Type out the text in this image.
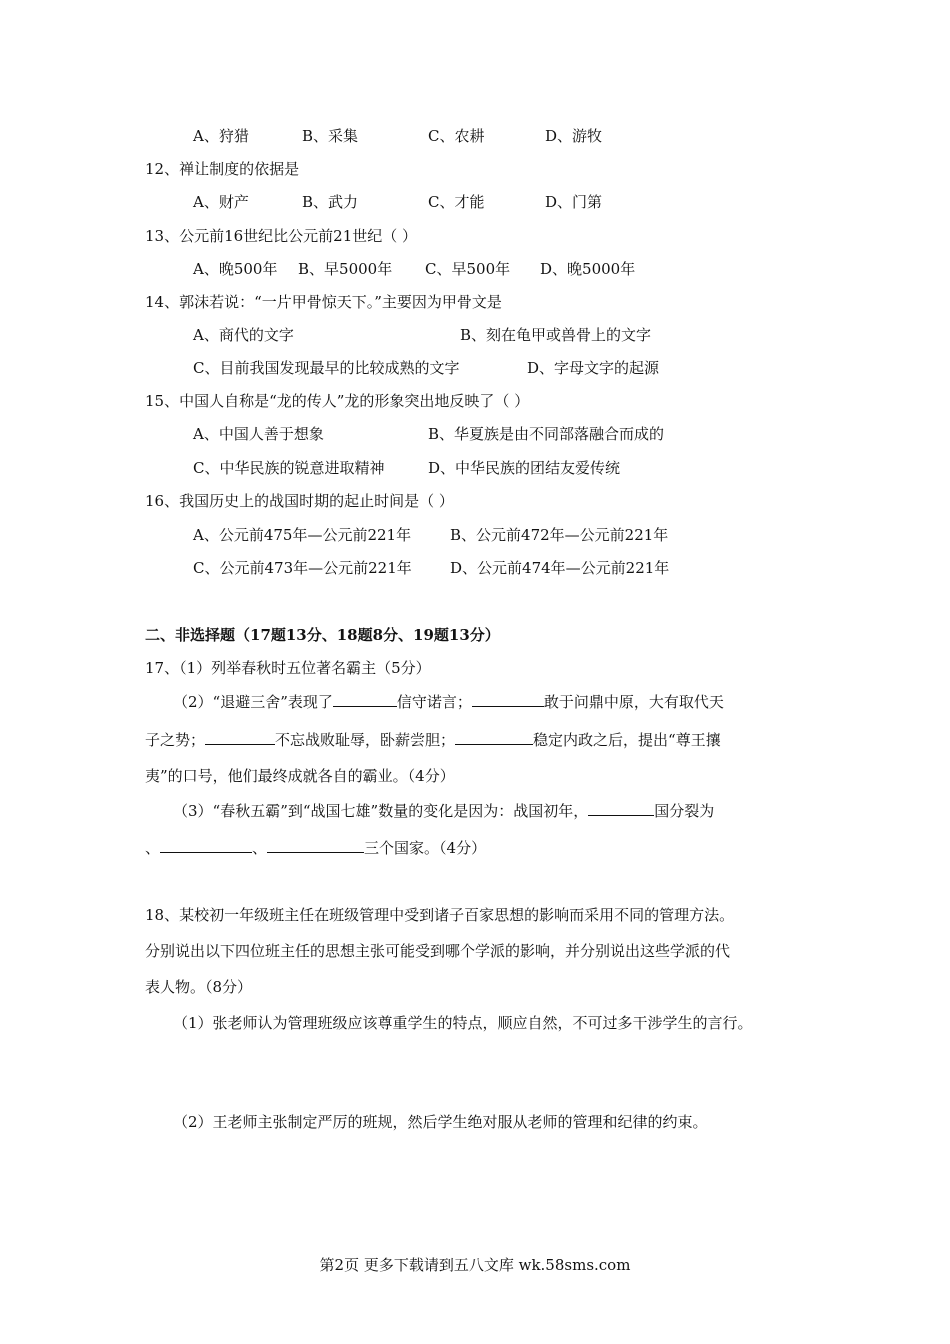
A、狩猎	B、采集	C、农耕	D、游牧
12、禅让制度的依据是
A、财产	B、武力	C、才能	D、门第
13、公元前16世纪比公元前21世纪（ ）
A、晚500年 B、早5000年 C、早500年 D、晚5000年
14、郭沫若说：“一片甲骨惊天下。”主要因为甲骨文是
A、商代的文字	B、刻在龟甲或兽骨上的文字
C、目前我国发现最早的比较成熟的文字	D、字母文字的起源
15、中国人自称是“龙的传人”龙的形象突出地反映了（ ）
A、中国人善于想象	B、华夏族是由不同部落融合而成的
C、中华民族的锐意进取精神	D、中华民族的团结友爱传统
16、我国历史上的战国时期的起止时间是（ ）
A、公元前475年—公元前221年	B、公元前472年—公元前221年
C、公元前473年—公元前221年	D、公元前474年—公元前221年
二、非选择题（17题13分、18题8分、19题13分）
17、（1）列举春秋时五位著名霸主（5分）
（2）“退避三舍”表现了	信守诺言；	敢于问鼎中原，大有取代天
子之势；	不忘战败耻辱，卧薪尝胆；	稳定内政之后，提出“尊王攘
夷”的口号，他们最终成就各自的霸业。（4分）
（3）“春秋五霸”到“战国七雄”数量的变化是因为：战国初年，	国分裂为
、	、	三个国家。（4分）
18、某校初一年级班主任在班级管理中受到诸子百家思想的影响而采用不同的管理方法。
分别说出以下四位班主任的思想主张可能受到哪个学派的影响，并分别说出这些学派的代
表人物。（8分）
（1）张老师认为管理班级应该尊重学生的特点，顺应自然，不可过多干涉学生的言行。
（2）王老师主张制定严厉的班规，然后学生绝对服从老师的管理和纪律的约束。
第2页 更多下载请到五八文库 wk.58sms.com
